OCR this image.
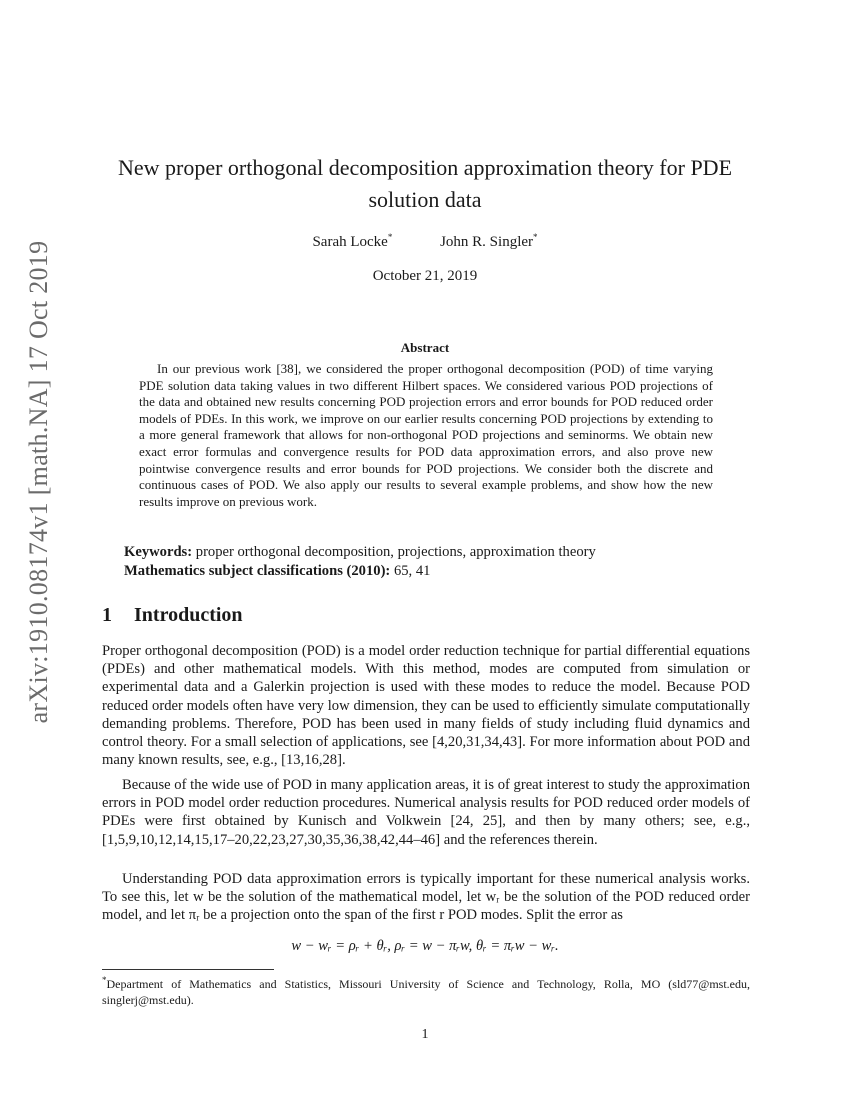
arXiv:1910.08174v1 [math.NA] 17 Oct 2019
New proper orthogonal decomposition approximation theory for PDE solution data
Sarah Locke*	John R. Singler*
October 21, 2019
Abstract
In our previous work [38], we considered the proper orthogonal decomposition (POD) of time varying PDE solution data taking values in two different Hilbert spaces. We considered various POD projections of the data and obtained new results concerning POD projection errors and error bounds for POD reduced order models of PDEs. In this work, we improve on our earlier results concerning POD projections by extending to a more general framework that allows for non-orthogonal POD projections and seminorms. We obtain new exact error formulas and convergence results for POD data approximation errors, and also prove new pointwise convergence results and error bounds for POD projections. We consider both the discrete and continuous cases of POD. We also apply our results to several example problems, and show how the new results improve on previous work.
Keywords: proper orthogonal decomposition, projections, approximation theory
Mathematics subject classifications (2010): 65, 41
1 Introduction
Proper orthogonal decomposition (POD) is a model order reduction technique for partial differential equations (PDEs) and other mathematical models. With this method, modes are computed from simulation or experimental data and a Galerkin projection is used with these modes to reduce the model. Because POD reduced order models often have very low dimension, they can be used to efficiently simulate computationally demanding problems. Therefore, POD has been used in many fields of study including fluid dynamics and control theory. For a small selection of applications, see [4,20,31,34,43]. For more information about POD and many known results, see, e.g., [13,16,28].
Because of the wide use of POD in many application areas, it is of great interest to study the approximation errors in POD model order reduction procedures. Numerical analysis results for POD reduced order models of PDEs were first obtained by Kunisch and Volkwein [24, 25], and then by many others; see, e.g., [1,5,9,10,12,14,15,17–20,22,23,27,30,35,36,38,42,44–46] and the references therein.
Understanding POD data approximation errors is typically important for these numerical analysis works. To see this, let w be the solution of the mathematical model, let wᵣ be the solution of the POD reduced order model, and let πᵣ be a projection onto the span of the first r POD modes. Split the error as
w − wᵣ = ρᵣ + θᵣ, ρᵣ = w − πᵣw, θᵣ = πᵣw − wᵣ.
*Department of Mathematics and Statistics, Missouri University of Science and Technology, Rolla, MO (sld77@mst.edu, singlerj@mst.edu).
1
